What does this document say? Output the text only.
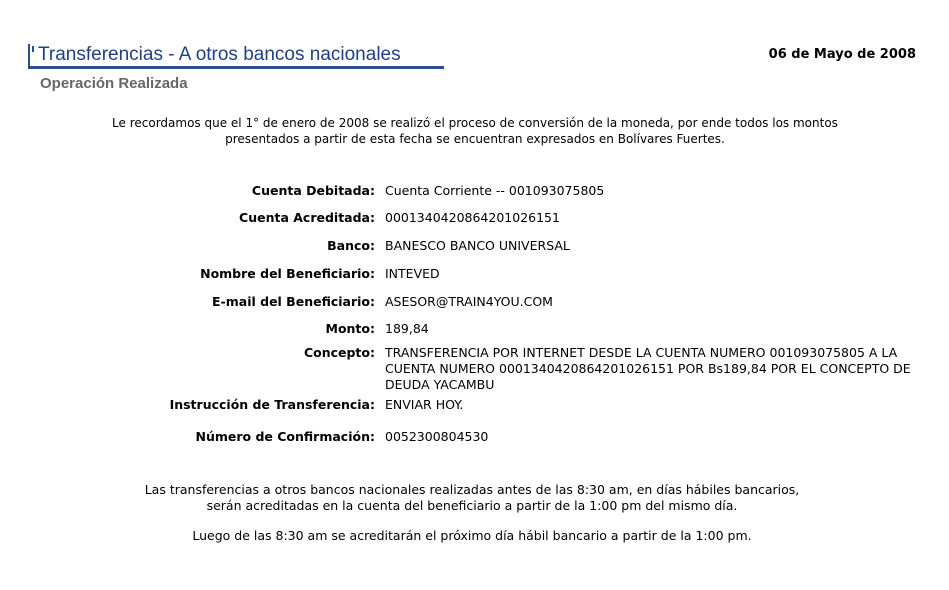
Transferencias - A otros bancos nacionales	06 de Mayo de 2008
Operación Realizada
Le recordamos que el 1° de enero de 2008 se realizó el proceso de conversión de la moneda, por ende todos los montos
presentados a partir de esta fecha se encuentran expresados en Bolívares Fuertes.
Cuenta Debitada: Cuenta Corriente -- 001093075805
Cuenta Acreditada: 00013404208642010261​51
Banco: BANESCO BANCO UNIVERSAL
Nombre del Beneficiario: INTEVED
E-mail del Beneficiario: ASESOR@TRAIN4YOU.COM
Monto: 189,84
Concepto: TRANSFERENCIA POR INTERNET DESDE LA CUENTA NUMERO 001093075805 A LA CUENTA NUMERO 00013404208642010261​51 POR Bs189,84 POR EL CONCEPTO DE DEUDA YACAMBU
Instrucción de Transferencia: ENVIAR HOY.
Número de Confirmación: 0052300804530
Las transferencias a otros bancos nacionales realizadas antes de las 8:30 am, en días hábiles bancarios,
serán acreditadas en la cuenta del beneficiario a partir de la 1:00 pm del mismo día.
Luego de las 8:30 am se acreditarán el próximo día hábil bancario a partir de la 1:00 pm.
